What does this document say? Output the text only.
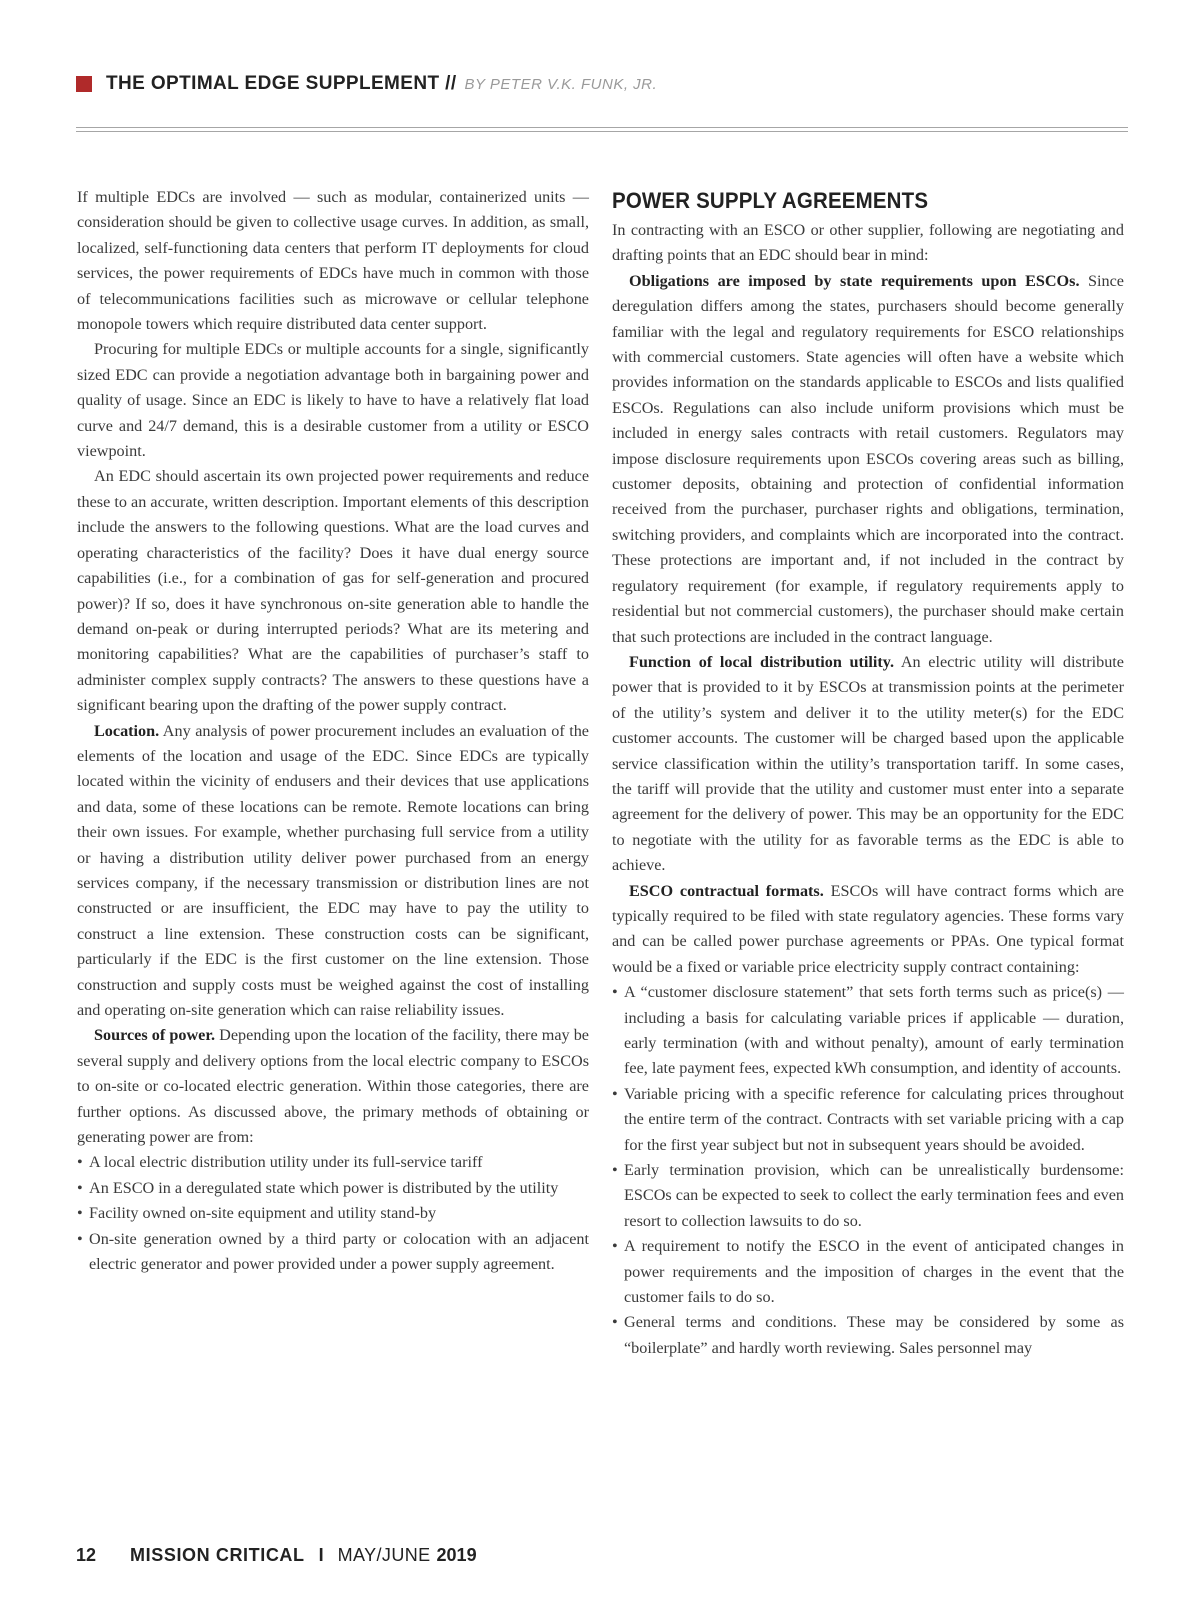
THE OPTIMAL EDGE SUPPLEMENT // BY PETER V.K. FUNK, JR.

If multiple EDCs are involved — such as modular, containerized units — consideration should be given to collective usage curves. In addition, as small, localized, self-functioning data centers that perform IT deployments for cloud services, the power requirements of EDCs have much in common with those of telecommunications facilities such as microwave or cellular telephone monopole towers which require distributed data center support.

Procuring for multiple EDCs or multiple accounts for a single, significantly sized EDC can provide a negotiation advantage both in bargaining power and quality of usage. Since an EDC is likely to have to have a relatively flat load curve and 24/7 demand, this is a desirable customer from a utility or ESCO viewpoint.

An EDC should ascertain its own projected power requirements and reduce these to an accurate, written description. Important elements of this description include the answers to the following questions. What are the load curves and operating characteristics of the facility? Does it have dual energy source capabilities (i.e., for a combination of gas for self-generation and procured power)? If so, does it have synchronous on-site generation able to handle the demand on-peak or during interrupted periods? What are its metering and monitoring capabilities? What are the capabilities of purchaser’s staff to administer complex supply contracts? The answers to these questions have a significant bearing upon the drafting of the power supply contract.

Location. Any analysis of power procurement includes an evaluation of the elements of the location and usage of the EDC. Since EDCs are typically located within the vicinity of endusers and their devices that use applications and data, some of these locations can be remote. Remote locations can bring their own issues. For example, whether purchasing full service from a utility or having a distribution utility deliver power purchased from an energy services company, if the necessary transmission or distribution lines are not constructed or are insufficient, the EDC may have to pay the utility to construct a line extension. These construction costs can be significant, particularly if the EDC is the first customer on the line extension. Those construction and supply costs must be weighed against the cost of installing and operating on-site generation which can raise reliability issues.

Sources of power. Depending upon the location of the facility, there may be several supply and delivery options from the local electric company to ESCOs to on-site or co-located electric generation. Within those categories, there are further options. As discussed above, the primary methods of obtaining or generating power are from:

• A local electric distribution utility under its full-service tariff
• An ESCO in a deregulated state which power is distributed by the utility
• Facility owned on-site equipment and utility stand-by
• On-site generation owned by a third party or colocation with an adjacent electric generator and power provided under a power supply agreement.
POWER SUPPLY AGREEMENTS

In contracting with an ESCO or other supplier, following are negotiating and drafting points that an EDC should bear in mind:

Obligations are imposed by state requirements upon ESCOs. Since deregulation differs among the states, purchasers should become generally familiar with the legal and regulatory requirements for ESCO relationships with commercial customers. State agencies will often have a website which provides information on the standards applicable to ESCOs and lists qualified ESCOs. Regulations can also include uniform provisions which must be included in energy sales contracts with retail customers. Regulators may impose disclosure requirements upon ESCOs covering areas such as billing, customer deposits, obtaining and protection of confidential information received from the purchaser, purchaser rights and obligations, termination, switching providers, and complaints which are incorporated into the contract. These protections are important and, if not included in the contract by regulatory requirement (for example, if regulatory requirements apply to residential but not commercial customers), the purchaser should make certain that such protections are included in the contract language.

Function of local distribution utility. An electric utility will distribute power that is provided to it by ESCOs at transmission points at the perimeter of the utility’s system and deliver it to the utility meter(s) for the EDC customer accounts. The customer will be charged based upon the applicable service classification within the utility’s transportation tariff. In some cases, the tariff will provide that the utility and customer must enter into a separate agreement for the delivery of power. This may be an opportunity for the EDC to negotiate with the utility for as favorable terms as the EDC is able to achieve.

ESCO contractual formats. ESCOs will have contract forms which are typically required to be filed with state regulatory agencies. These forms vary and can be called power purchase agreements or PPAs. One typical format would be a fixed or variable price electricity supply contract containing:

• A “customer disclosure statement” that sets forth terms such as price(s) — including a basis for calculating variable prices if applicable — duration, early termination (with and without penalty), amount of early termination fee, late payment fees, expected kWh consumption, and identity of accounts.
• Variable pricing with a specific reference for calculating prices throughout the entire term of the contract. Contracts with set variable pricing with a cap for the first year subject but not in subsequent years should be avoided.
• Early termination provision, which can be unrealistically burdensome: ESCOs can be expected to seek to collect the early termination fees and even resort to collection lawsuits to do so.
• A requirement to notify the ESCO in the event of anticipated changes in power requirements and the imposition of charges in the event that the customer fails to do so.
• General terms and conditions. These may be considered by some as “boilerplate” and hardly worth reviewing. Sales personnel may
12 MISSION CRITICAL I MAY/JUNE 2019
